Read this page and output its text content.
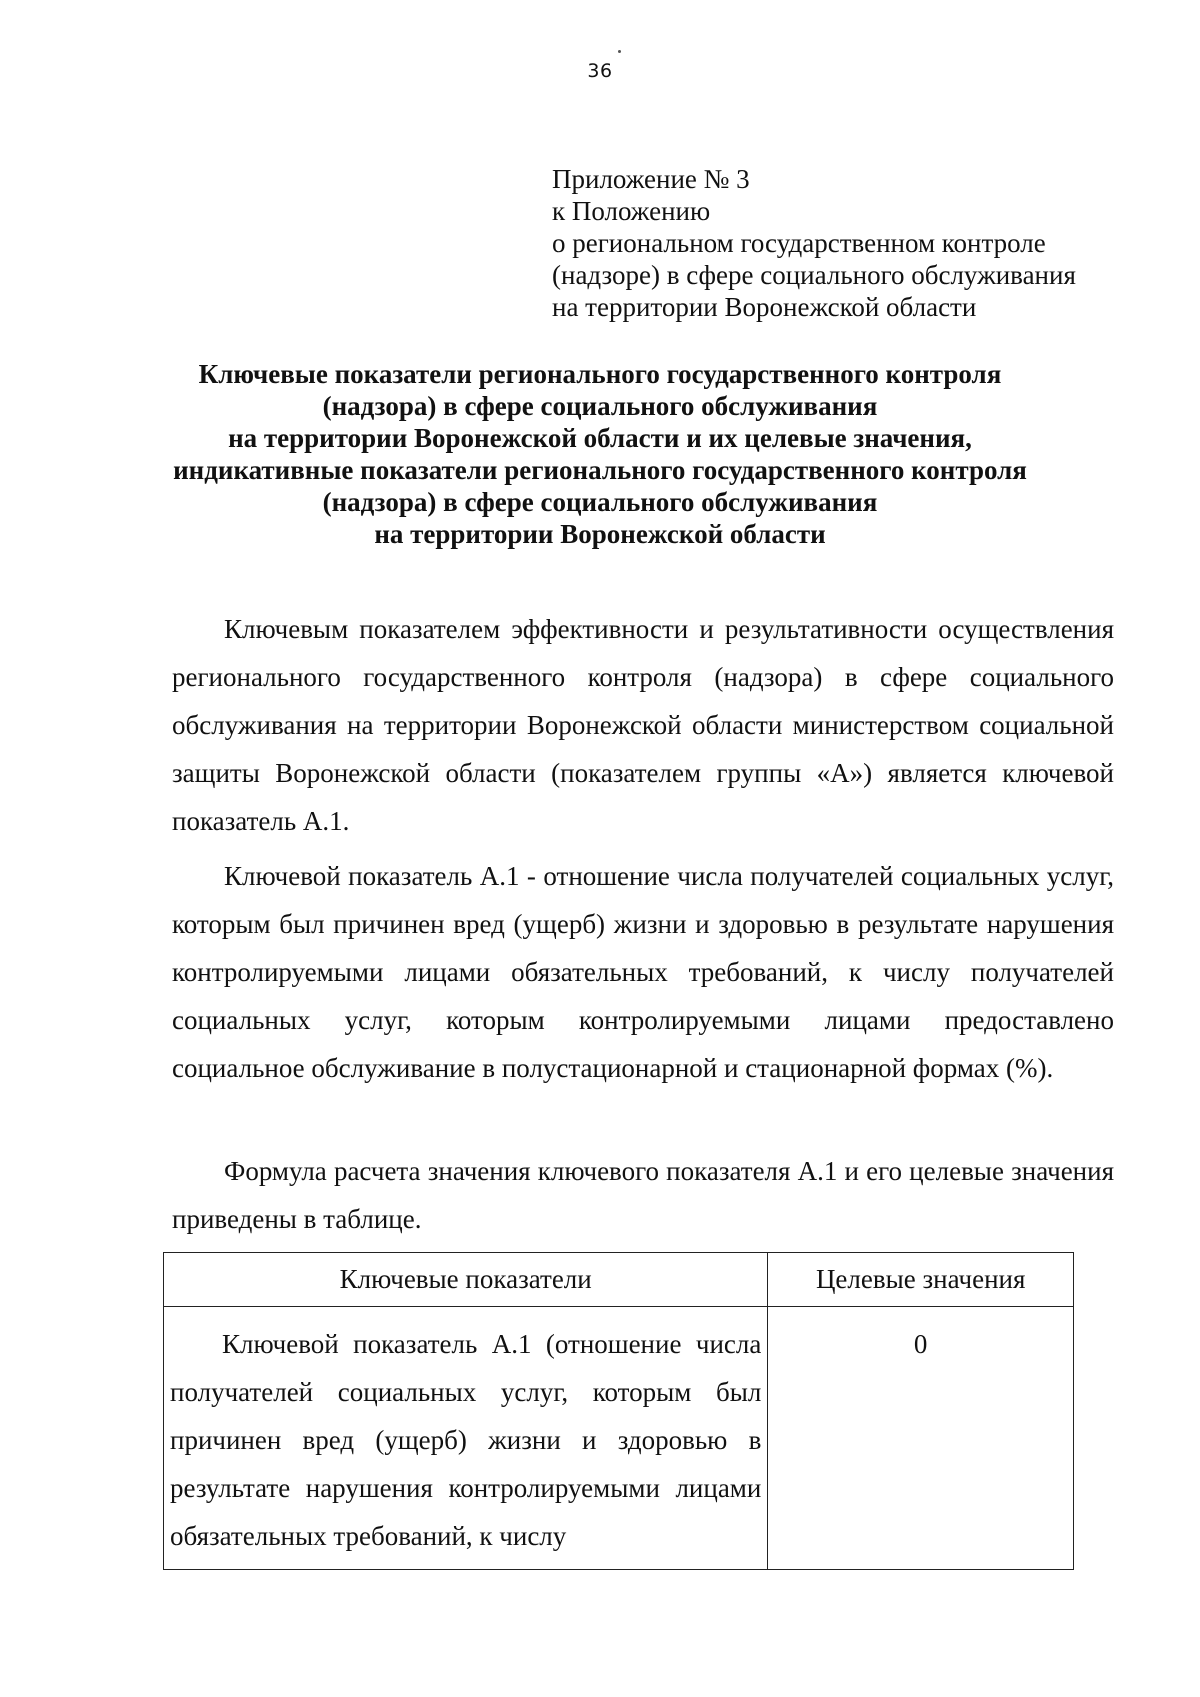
36
Приложение № 3
к Положению
о региональном государственном контроле
(надзоре) в сфере социального обслуживания
на территории Воронежской области
Ключевые показатели регионального государственного контроля
(надзора) в сфере социального обслуживания
на территории Воронежской области и их целевые значения,
индикативные показатели регионального государственного контроля
(надзора) в сфере социального обслуживания
на территории Воронежской области

Ключевым показателем эффективности и результативности осуществления регионального государственного контроля (надзора) в сфере социального обслуживания на территории Воронежской области министерством социальной защиты Воронежской области (показателем группы «А») является ключевой показатель А.1.

Ключевой показатель А.1 - отношение числа получателей социальных услуг, которым был причинен вред (ущерб) жизни и здоровью в результате нарушения контролируемыми лицами обязательных требований, к числу получателей социальных услуг, которым контролируемыми лицами предоставлено социальное обслуживание в полустационарной и стационарной формах (%).

Формула расчета значения ключевого показателя А.1 и его целевые значения приведены в таблице.

Ключевые показатели	Целевые значения

Ключевой показатель А.1 (отношение числа получателей социальных услуг, которым был причинен вред (ущерб) жизни и здоровью в результате нарушения контролируемыми лицами обязательных требований, к числу	0
